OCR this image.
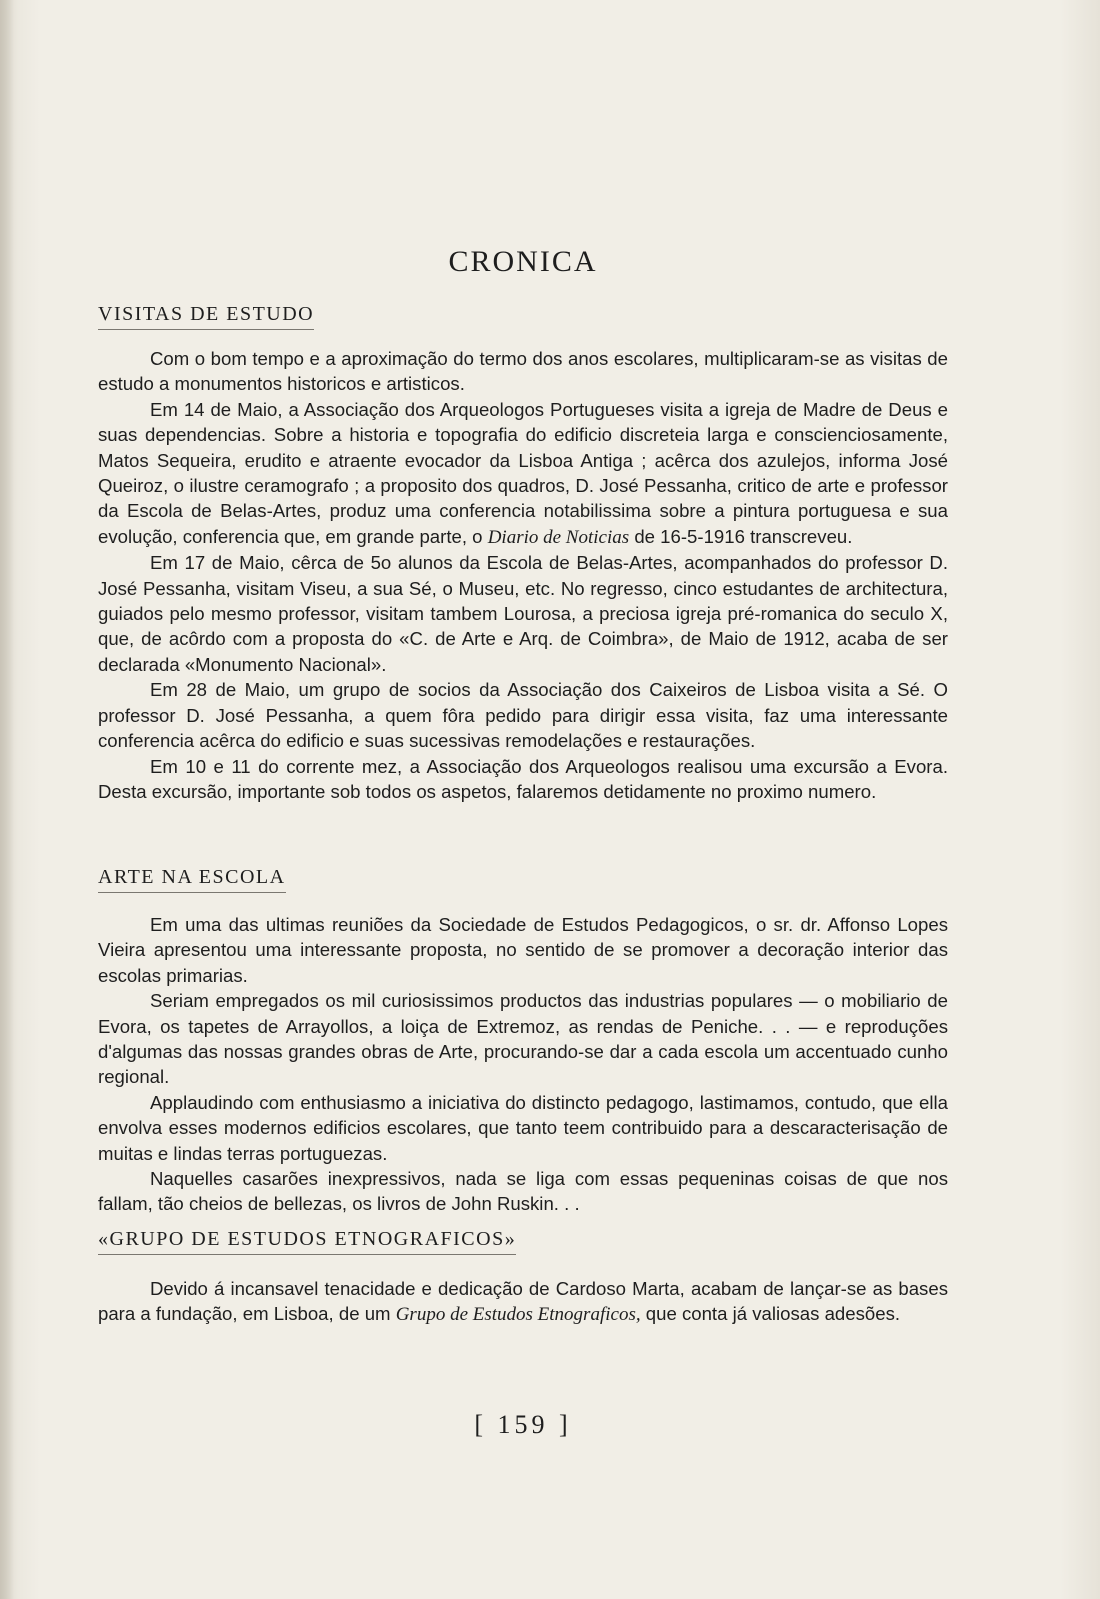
CRONICA
VISITAS DE ESTUDO

Com o bom tempo e a aproximação do termo dos anos escolares, multiplicaram-se as visitas de estudo a monumentos historicos e artisticos.

Em 14 de Maio, a Associação dos Arqueologos Portugueses visita a igreja de Madre de Deus e suas dependencias. Sobre a historia e topografia do edificio discreteia larga e conscienciosamente, Matos Sequeira, erudito e atraente evocador da Lisboa Antiga ; acêrca dos azulejos, informa José Queiroz, o ilustre ceramografo ; a proposito dos quadros, D. José Pessanha, critico de arte e professor da Escola de Belas-Artes, produz uma conferencia notabilissima sobre a pintura portuguesa e sua evolução, conferencia que, em grande parte, o Diario de Noticias de 16-5-1916 transcreveu.

Em 17 de Maio, cêrca de 5o alunos da Escola de Belas-Artes, acompanhados do professor D. José Pessanha, visitam Viseu, a sua Sé, o Museu, etc. No regresso, cinco estudantes de architectura, guiados pelo mesmo professor, visitam tambem Lourosa, a preciosa igreja pré-romanica do seculo X, que, de acôrdo com a proposta do «C. de Arte e Arq. de Coimbra», de Maio de 1912, acaba de ser declarada «Monumento Nacional».

Em 28 de Maio, um grupo de socios da Associação dos Caixeiros de Lisboa visita a Sé. O professor D. José Pessanha, a quem fôra pedido para dirigir essa visita, faz uma interessante conferencia acêrca do edificio e suas sucessivas remodelações e restaurações.

Em 10 e 11 do corrente mez, a Associação dos Arqueologos realisou uma excursão a Evora. Desta excursão, importante sob todos os aspetos, falaremos detidamente no proximo numero.

ARTE NA ESCOLA

Em uma das ultimas reuniões da Sociedade de Estudos Pedagogicos, o sr. dr. Affonso Lopes Vieira apresentou uma interessante proposta, no sentido de se promover a decoração interior das escolas primarias.

Seriam empregados os mil curiosissimos productos das industrias populares — o mobiliario de Evora, os tapetes de Arrayollos, a loiça de Extremoz, as rendas de Peniche. . . — e reproduções d'algumas das nossas grandes obras de Arte, procurando-se dar a cada escola um accentuado cunho regional.

Applaudindo com enthusiasmo a iniciativa do distincto pedagogo, lastimamos, contudo, que ella envolva esses modernos edificios escolares, que tanto teem contribuido para a descaracterisação de muitas e lindas terras portuguezas.

Naquelles casarões inexpressivos, nada se liga com essas pequeninas coisas de que nos fallam, tão cheios de bellezas, os livros de John Ruskin. . .

«GRUPO DE ESTUDOS ETNOGRAFICOS»

Devido á incansavel tenacidade e dedicação de Cardoso Marta, acabam de lançar-se as bases para a fundação, em Lisboa, de um Grupo de Estudos Etnograficos, que conta já valiosas adesões.

[ 159 ]
